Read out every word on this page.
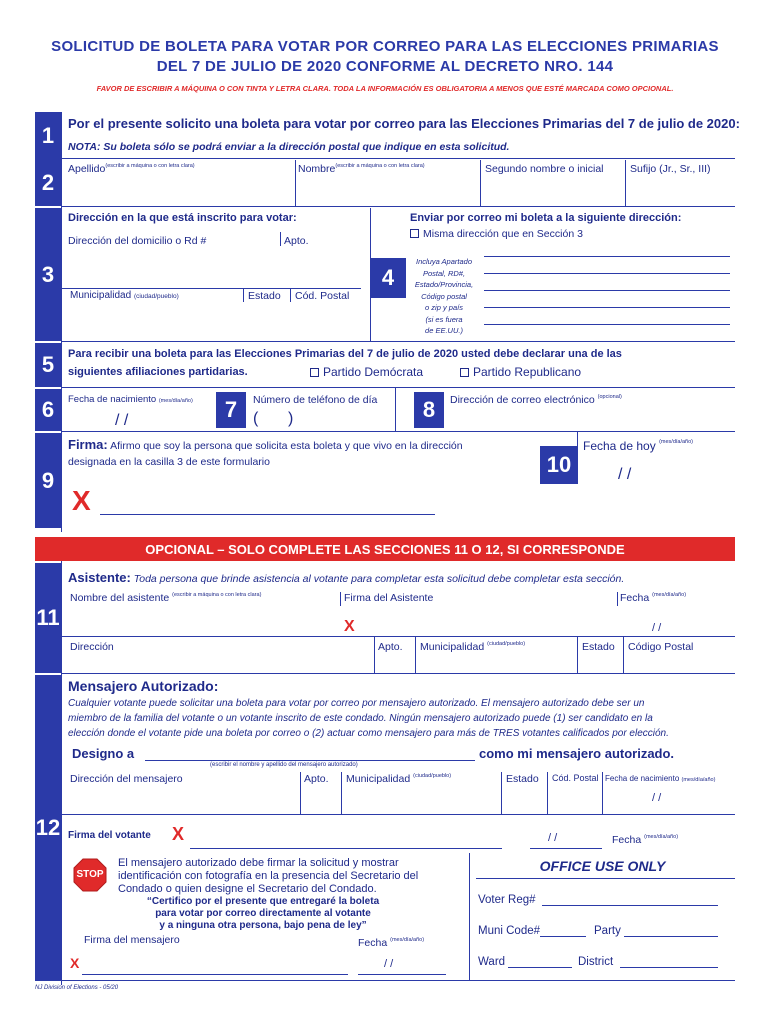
SOLICITUD DE BOLETA PARA VOTAR POR CORREO PARA LAS ELECCIONES PRIMARIAS
DEL 7 DE JULIO DE 2020 CONFORME AL DECRETO NRO. 144
FAVOR DE ESCRIBIR A MÁQUINA O CON TINTA Y LETRA CLARA. TODA LA INFORMACIÓN ES OBLIGATORIA A MENOS QUE ESTÉ MARCADA COMO OPCIONAL.
1	Por el presente solicito una boleta para votar por correo para las Elecciones Primarias del 7 de julio de 2020:
NOTA: Su boleta sólo se podrá enviar a la dirección postal que indique en esta solicitud.
2
Apellido$^{(escribir a máquina o con letra clara)}$	Nombre$^{(escribir a máquina o con letra clara)}$	Segundo nombre o inicial	Sufijo (Jr., Sr., III)
3
Dirección en la que está inscrito para votar:
Dirección del domicilio o Rd #	Apto.
Municipalidad (ciudad/pueblo)	Estado Cód. Postal
4
Enviar por correo mi boleta a la siguiente dirección:
Misma dirección que en Sección 3
Incluya Apartado
Postal, RD#,
Estado/Provincia,
Código postal
o zip y país
(si es fuera
de EE.UU.)
5	Para recibir una boleta para las Elecciones Primarias del 7 de julio de 2020 usted debe declarar una de las
siguientes afiliaciones partidarias.	Partido Demócrata	Partido Republicano
6	Fecha de nacimiento (mes/día/año)
/ /	7	Número de teléfono de día
( )	8	Dirección de correo electrónico $^{(opcional)}$
9
Firma: Afirmo que soy la persona que solicita esta boleta y que vivo en la dirección
designada en la casilla 3 de este formulario
X
10
Fecha de hoy $^{(mes/día/año)}$
/ /
OPCIONAL – SOLO COMPLETE LAS SECCIONES 11 O 12, SI CORRESPONDE
11
Asistente: Toda persona que brinde asistencia al votante para completar esta solicitud debe completar esta sección.
Nombre del asistente $^{(escribir a máquina o con letra clara)}$	Firma del Asistente	Fecha $^{(mes/día/año)}$
X	/ /
Dirección	Apto. Municipalidad $^{(ciudad/pueblo)}$	Estado Código Postal
12
Mensajero Autorizado:
Cualquier votante puede solicitar una boleta para votar por correo por mensajero autorizado. El mensajero autorizado debe ser un
miembro de la familia del votante o un votante inscrito de este condado. Ningún mensajero autorizado puede (1) ser candidato en la
elección donde el votante pide una boleta por correo o (2) actuar como mensajero para más de TRES votantes calificados por elección.
Designo a	como mi mensajero autorizado.
(escribir el nombre y apellido del mensajero autorizado)
Dirección del mensajero	Apto. Municipalidad $^{(ciudad/pueblo)}$	Estado Cód. Postal Fecha de nacimiento (mes/día/año)
/ /
Firma del votante X	/ /	Fecha $^{(mes/día/año)}$
STOP
El mensajero autorizado debe firmar la solicitud y mostrar
identificación con fotografía en la presencia del Secretario del
Condado o quien designe el Secretario del Condado.
“Certifico por el presente que entregaré la boleta
para votar por correo directamente al votante
y a ninguna otra persona, bajo pena de ley”
Firma del mensajero	Fecha $^{(mes/día/año)}$
X	/ /
OFFICE USE ONLY
Voter Reg#
Muni Code#	Party
Ward	District
NJ Division of Elections - 05/20
